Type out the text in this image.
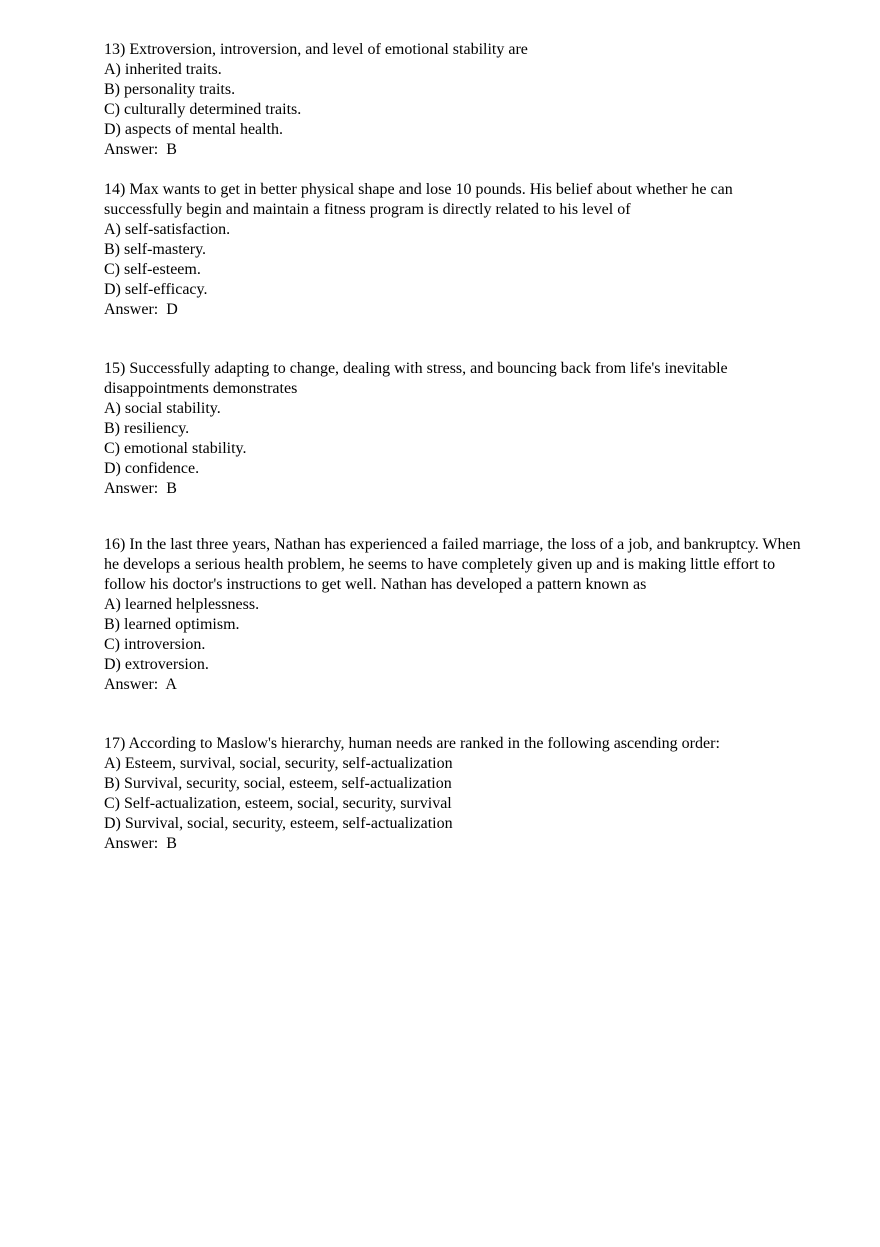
13) Extroversion, introversion, and level of emotional stability are

A) inherited traits.
B) personality traits.
C) culturally determined traits.
D) aspects of mental health.
Answer:  B

14) Max wants to get in better physical shape and lose 10 pounds. His belief about whether he can successfully begin and maintain a fitness program is directly related to his level of

A) self-satisfaction.
B) self-mastery.
C) self-esteem.
D) self-efficacy.
Answer:  D

15) Successfully adapting to change, dealing with stress, and bouncing back from life's inevitable disappointments demonstrates

A) social stability.
B) resiliency.
C) emotional stability.
D) confidence.
Answer:  B

16) In the last three years, Nathan has experienced a failed marriage, the loss of a job, and bankruptcy. When he develops a serious health problem, he seems to have completely given up and is making little effort to follow his doctor's instructions to get well. Nathan has developed a pattern known as

A) learned helplessness.
B) learned optimism.
C) introversion.
D) extroversion.
Answer:  A

17) According to Maslow's hierarchy, human needs are ranked in the following ascending order:

A) Esteem, survival, social, security, self-actualization
B) Survival, security, social, esteem, self-actualization
C) Self-actualization, esteem, social, security, survival
D) Survival, social, security, esteem, self-actualization
Answer:  B
